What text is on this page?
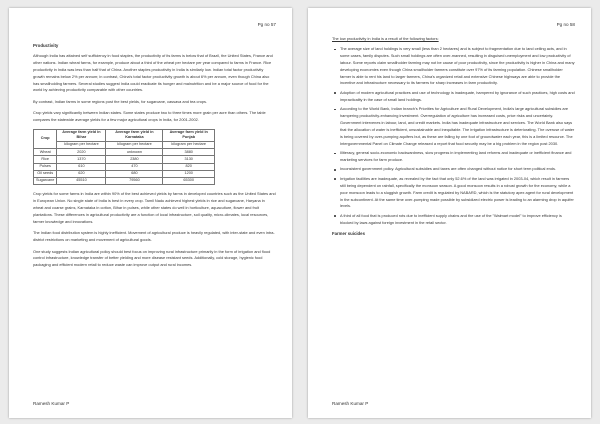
Pg no 57
Productivity

Although India has attained self sufficiency in food staples, the productivity of its farms is below that of Brazil, the United States, France and other nations. Indian wheat farms, for example, produce about a third of the wheat per hectare per year compared to farms in France. Rice productivity in India was less than half that of China. Another staples productivity in India is similarly low. Indian total factor productivity growth remains below 2% per annum; in contrast, China's total factor productivity growth is about 6% per annum, even though China also has smallholding farmers. Several studies suggest India could eradicate its hunger and malnutrition and be a major source of food for the world by achieving productivity comparable with other countries.

By contrast, Indian farms in some regions post the best yields, for sugarcane, cassava and tea crops.

Crop yields vary significantly between Indian states. Some states produce two to three times more grain per acre than others. The table compares the statewide average yields for a few major agricultural crops in India, for 2001-2002.

Crop	Average farm yield in Bihar	Average farm yield in Karnataka	Average farm yield in Punjab
	kilogram per hectare	kilogram per hectare	kilogram per hectare
Wheat	2020	unknown	3880
Rice	1370	2380	3130
Pulses	610	470	820
Oil seeds	620	680	1200
Sugarcane	45510	79560	65300

Crop yields for some farms in India are within 90% of the best achieved yields by farms in developed countries such as the United States and in European Union. No single state of India is best in every crop. Tamil Nadu achieved highest yields in rice and sugarcane, Haryana in wheat and coarse grains, Karnataka in cotton, Bihar in pulses, while other states do well in horticulture, aquaculture, flower and fruit plantations. These differences in agricultural productivity are a function of local infrastructure, soil quality, micro-climates, local resources, farmer knowledge and innovations.

The Indian food distribution system is highly inefficient. Movement of agricultural produce is heavily regulated, with inter-state and even intra-district restrictions on marketing and movement of agricultural goods.

One study suggests Indian agricultural policy should best focus on improving rural infrastructure primarily in the form of irrigation and flood control infrastructure, knowledge transfer of better yielding and more disease resistant seeds. Additionally, cold storage, hygienic food packaging and efficient modern retail to reduce waste can improve output and rural incomes.

Ramesh Kumar P
Pg no 58
The low productivity in India is a result of the following factors:
The average size of land holdings is very small (less than 2 hectares) and is subject to fragmentation due to land ceiling acts, and in some cases, family disputes. Such small holdings are often over-manned, resulting in disguised unemployment and low productivity of labour. Some reports claim smallholder farming may not be cause of poor productivity, since the productivity is higher in China and many developing economies even though China smallholder farmers constitute over 97% of its farming population. Chinese smallholder farmer is able to rent his land to larger farmers, China's organized retail and extensive Chinese highways are able to provide the incentive and infrastructure necessary to its farmers for sharp increases in farm productivity.
Adoption of modern agricultural practices and use of technology is inadequate, hampered by ignorance of such practices, high costs and impracticality in the case of small land holdings.
According to the World Bank, Indian branch's Priorities for Agriculture and Rural Development, India's large agricultural subsidies are hampering productivity-enhancing investment. Overregulation of agriculture has increased costs, price risks and uncertainty. Government intervenes in labour, land, and credit markets. India has inadequate infrastructure and services. The World Bank also says that the allocation of water is inefficient, unsustainable and inequitable. The irrigation infrastructure is deteriorating. The overuse of water is being covered by over-pumping aquifers but, as these are falling by one foot of groundwater each year, this is a limited resource. The Intergovernmental Panel on Climate Change released a report that food security may be a big problem in the region post 2030.
Illiteracy, general socio-economic backwardness, slow progress in implementing land reforms and inadequate or inefficient finance and marketing services for farm produce.
Inconsistent government policy. Agricultural subsidies and taxes are often changed without notice for short term political ends.
Irrigation facilities are inadequate, as revealed by the fact that only 52.6% of the land was irrigated in 2003-04, which result in farmers still being dependent on rainfall, specifically the monsoon season. A good monsoon results in a robust growth for the economy, while a poor monsoon leads to a sluggish growth. Farm credit is regulated by NABARD, which is the statutory apex agent for rural development in the subcontinent. At the same time over-pumping made possible by subsidized electric power is leading to an alarming drop in aquifer levels.
A third of all food that is produced rots due to inefficient supply chains and the use of the "Walmart model" to improve efficiency is blocked by laws against foreign investment in the retail sector.
Farmer suicides
Ramesh Kumar P
